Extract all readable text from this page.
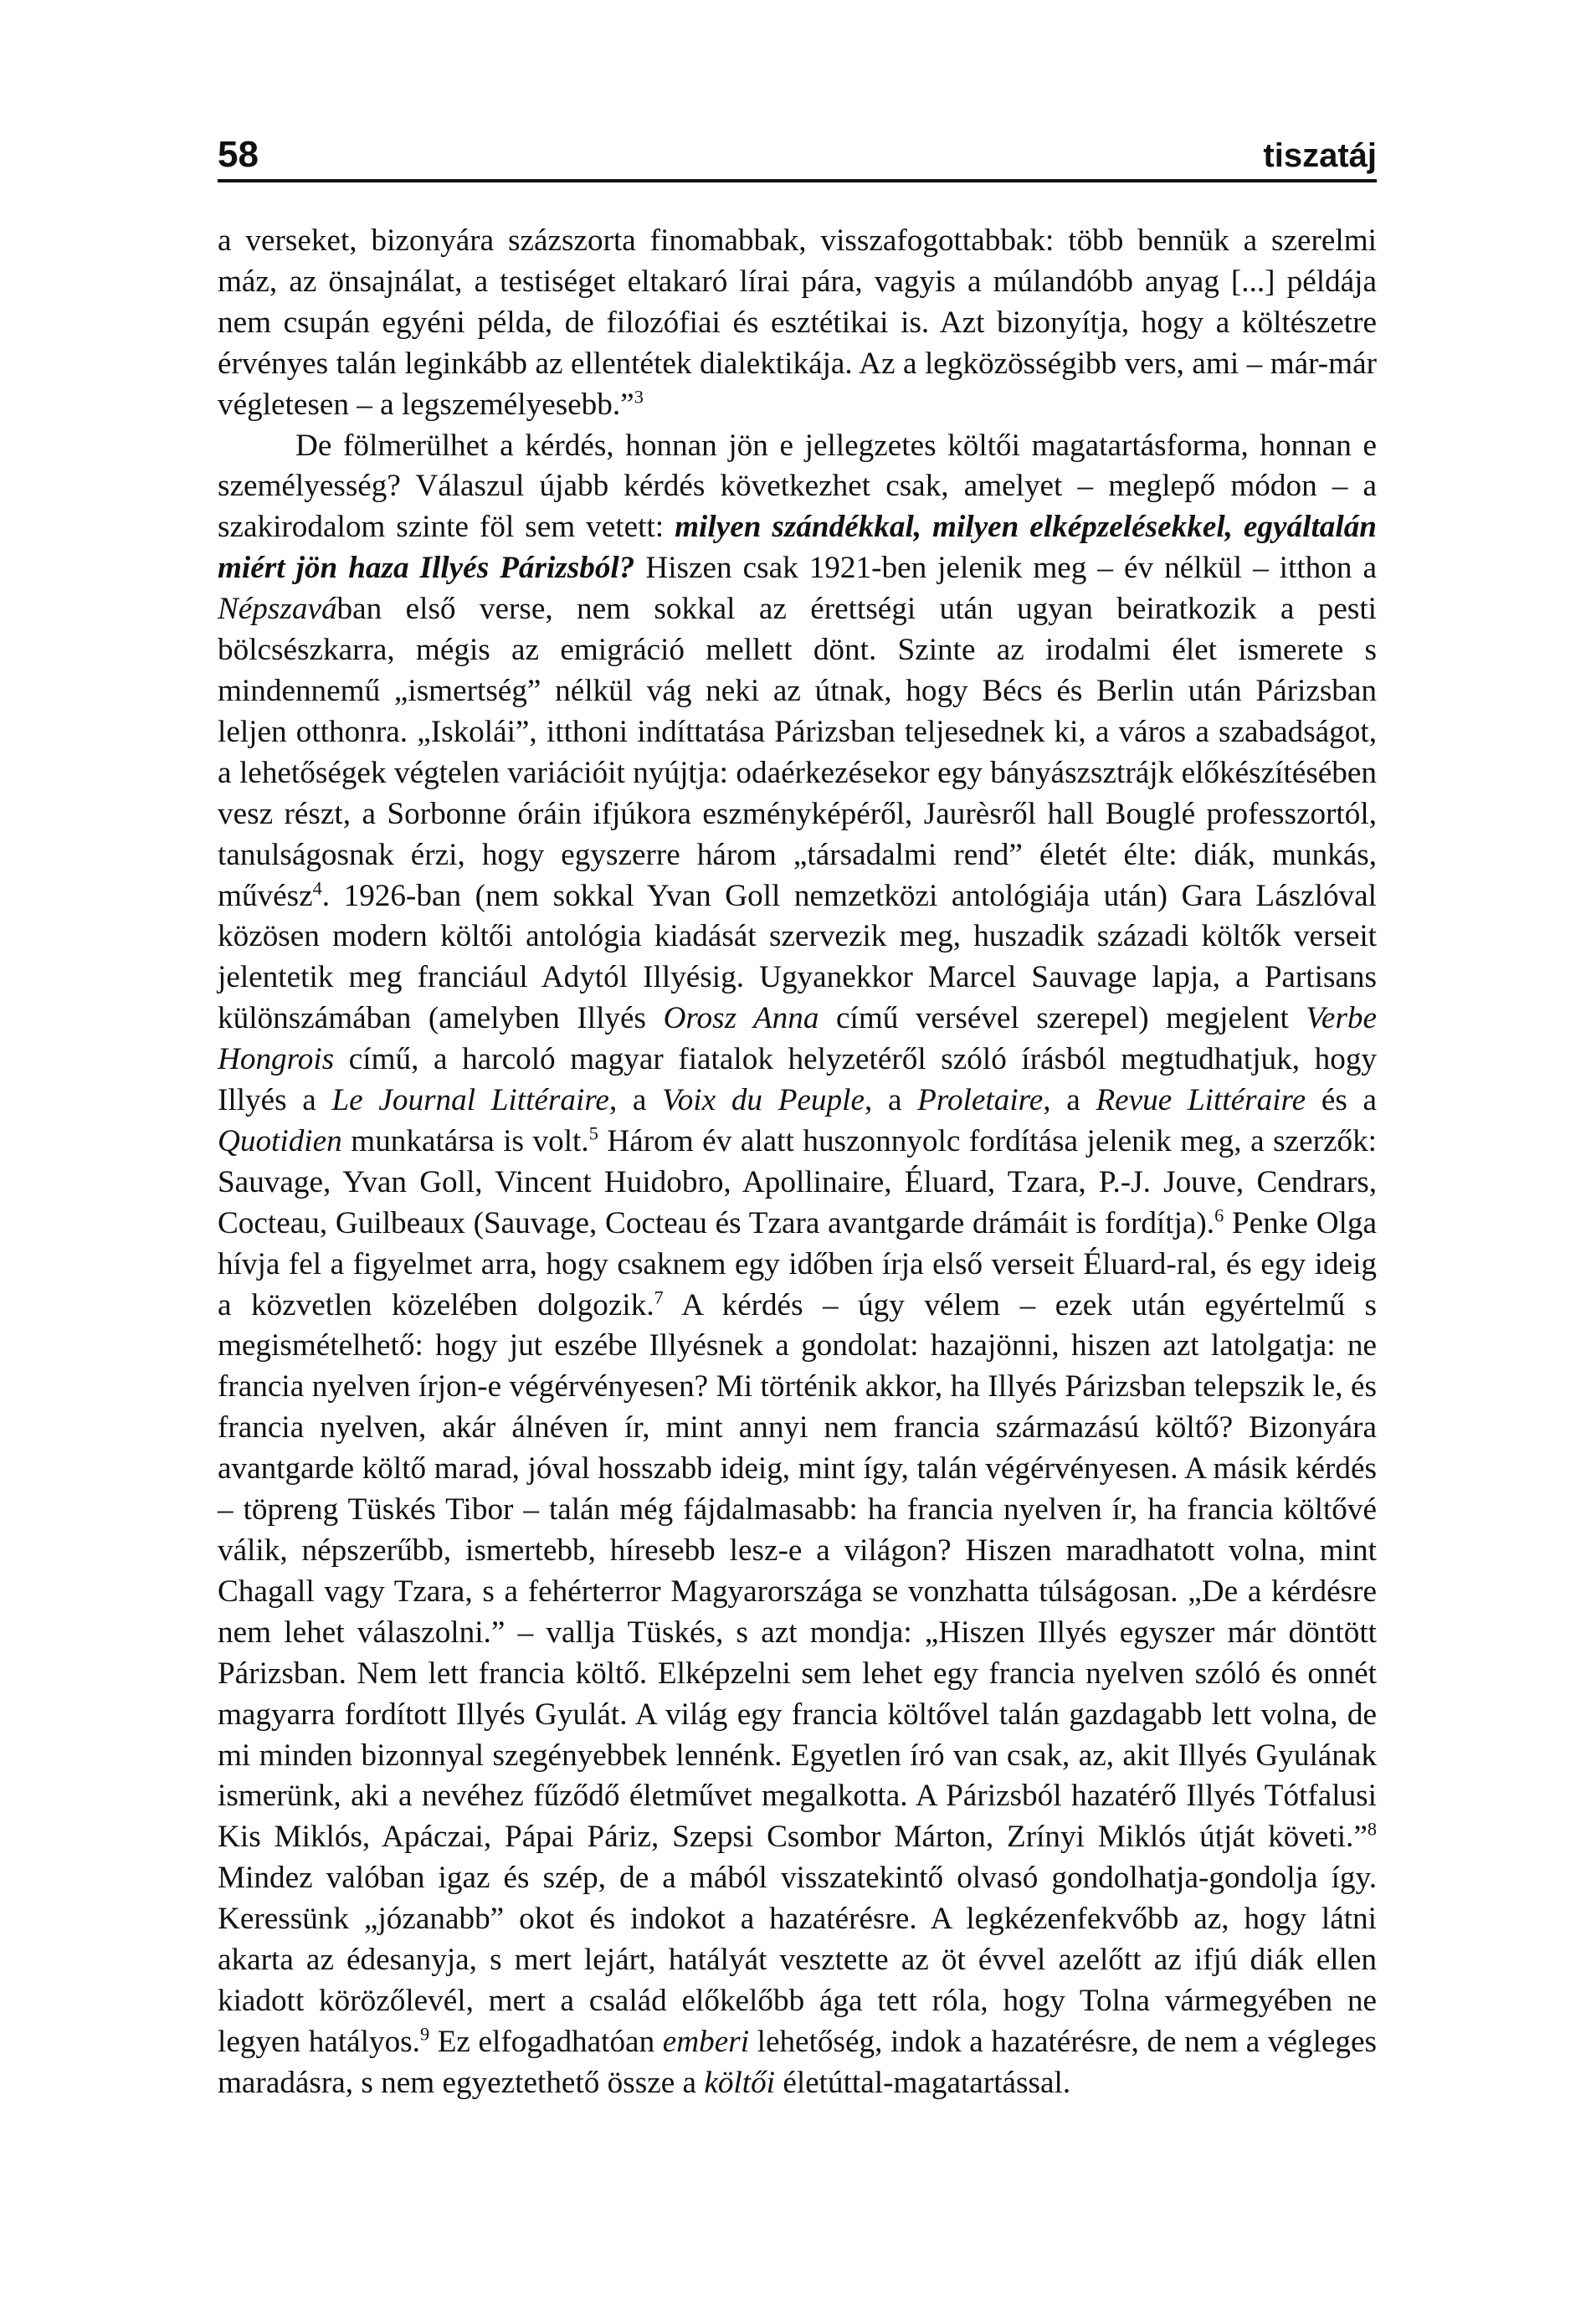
58	tiszatáj

a verseket, bizonyára százszorta finomabbak, visszafogottabbak: több bennük a szerelmi máz, az önsajnálat, a testiséget eltakaró lírai pára, vagyis a múlandóbb anyag [...] példája nem csupán egyéni példa, de filozófiai és esztétikai is. Azt bizonyítja, hogy a költészetre érvényes talán leginkább az ellentétek dialektikája. Az a legközösségibb vers, ami – már-már végletesen – a legszemélyesebb.”$^3$

De fölmerülhet a kérdés, honnan jön e jellegzetes költői magatartásforma, honnan e személyesség? Válaszul újabb kérdés következhet csak, amelyet – meglepő módon – a szakirodalom szinte föl sem vetett: milyen szándékkal, milyen elképzelésekkel, egyáltalán miért jön haza Illyés Párizsból? Hiszen csak 1921-ben jelenik meg – év nélkül – itthon a Népszavában első verse, nem sokkal az érettségi után ugyan beiratkozik a pesti bölcsészkarra, mégis az emigráció mellett dönt. Szinte az irodalmi élet ismerete s mindennemű „ismertség” nélkül vág neki az útnak, hogy Bécs és Berlin után Párizsban leljen otthonra. „Iskolái”, itthoni indíttatása Párizsban teljesednek ki, a város a szabadságot, a lehetőségek végtelen variációit nyújtja: odaérkezésekor egy bányászsztrájk előkészítésében vesz részt, a Sorbonne óráin ifjúkora eszményképéről, Jaurèsről hall Bouglé professzortól, tanulságosnak érzi, hogy egyszerre három „társadalmi rend” életét élte: diák, munkás, művész$^4$. 1926-ban (nem sokkal Yvan Goll nemzetközi antológiája után) Gara Lászlóval közösen modern költői antológia kiadását szervezik meg, huszadik századi költők verseit jelentetik meg franciául Adytól Illyésig. Ugyanekkor Marcel Sauvage lapja, a Partisans különszámában (amelyben Illyés Orosz Anna című versével szerepel) megjelent Verbe Hongrois című, a harcoló magyar fiatalok helyzetéről szóló írásból megtudhatjuk, hogy Illyés a Le Journal Littéraire, a Voix du Peuple, a Proletaire, a Revue Littéraire és a Quotidien munkatársa is volt.$^5$ Három év alatt huszonnyolc fordítása jelenik meg, a szerzők: Sauvage, Yvan Goll, Vincent Huidobro, Apollinaire, Éluard, Tzara, P.-J. Jouve, Cendrars, Cocteau, Guilbeaux (Sauvage, Cocteau és Tzara avantgarde drámáit is fordítja).$^6$ Penke Olga hívja fel a figyelmet arra, hogy csaknem egy időben írja első verseit Éluard-ral, és egy ideig a közvetlen közelében dolgozik.$^7$ A kérdés – úgy vélem – ezek után egyértelmű s megismételhető: hogy jut eszébe Illyésnek a gondolat: hazajönni, hiszen azt latolgatja: ne francia nyelven írjon-e végérvényesen? Mi történik akkor, ha Illyés Párizsban telepszik le, és francia nyelven, akár álnéven ír, mint annyi nem francia származású költő? Bizonyára avantgarde költő marad, jóval hosszabb ideig, mint így, talán végérvényesen. A másik kérdés – töpreng Tüskés Tibor – talán még fájdalmasabb: ha francia nyelven ír, ha francia költővé válik, népszerűbb, ismertebb, híresebb lesz-e a világon? Hiszen maradhatott volna, mint Chagall vagy Tzara, s a fehérterror Magyarországa se vonzhatta túlságosan. „De a kérdésre nem lehet válaszolni.” – vallja Tüskés, s azt mondja: „Hiszen Illyés egyszer már döntött Párizsban. Nem lett francia költő. Elképzelni sem lehet egy francia nyelven szóló és onnét magyarra fordított Illyés Gyulát. A világ egy francia költővel talán gazdagabb lett volna, de mi minden bizonnyal szegényebbek lennénk. Egyetlen író van csak, az, akit Illyés Gyulának ismerünk, aki a nevéhez fűződő életművet megalkotta. A Párizsból hazatérő Illyés Tótfalusi Kis Miklós, Apáczai, Pápai Páriz, Szepsi Csombor Márton, Zrínyi Miklós útját követi.”$^8$ Mindez valóban igaz és szép, de a mából visszatekintő olvasó gondolhatja-gondolja így. Keressünk „józanabb” okot és indokot a hazatérésre. A legkézenfekvőbb az, hogy látni akarta az édesanyja, s mert lejárt, hatályát vesztette az öt évvel azelőtt az ifjú diák ellen kiadott körözőlevél, mert a család előkelőbb ága tett róla, hogy Tolna vármegyében ne legyen hatályos.$^9$ Ez elfogadhatóan emberi lehetőség, indok a hazatérésre, de nem a végleges maradásra, s nem egyeztethető össze a költői életúttal-magatartással.
